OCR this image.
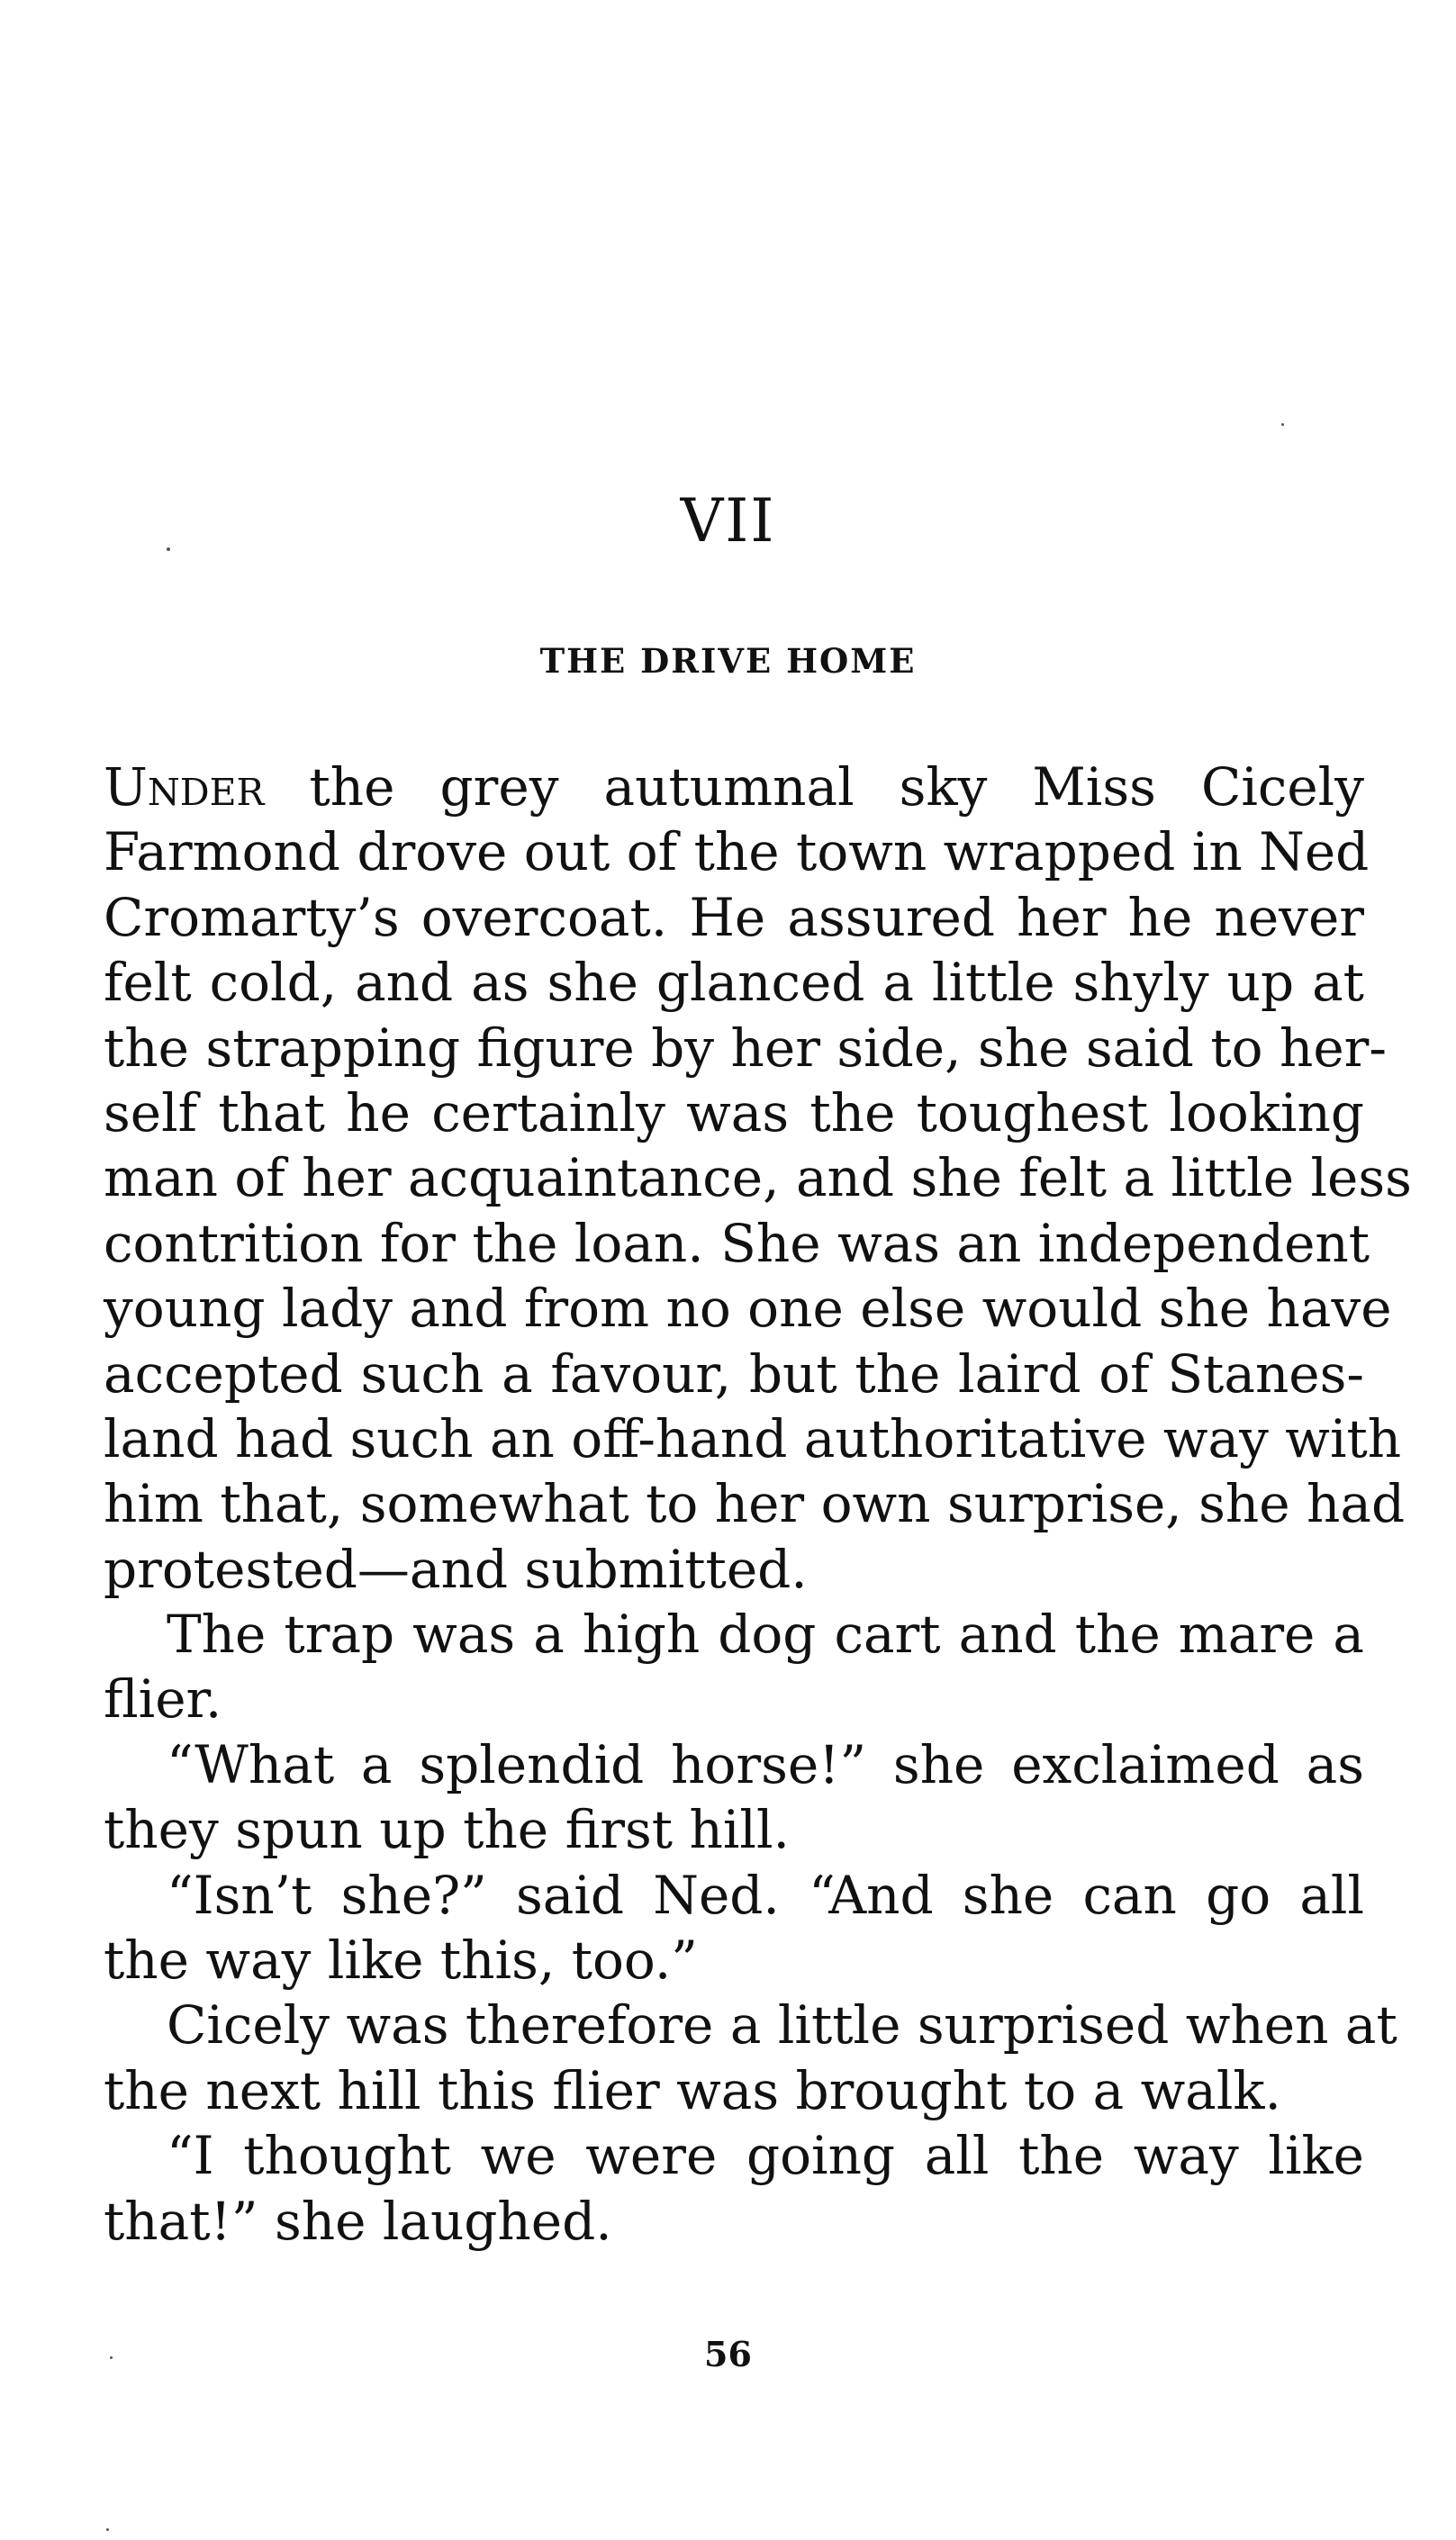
VII
THE DRIVE HOME
Under the grey autumnal sky Miss Cicely
Farmond drove out of the town wrapped in Ned
Cromarty’s overcoat. He assured her he never
felt cold, and as she glanced a little shyly up at
the strapping figure by her side, she said to her-
self that he certainly was the toughest looking
man of her acquaintance, and she felt a little less
contrition for the loan. She was an independent
young lady and from no one else would she have
accepted such a favour, but the laird of Stanes-
land had such an off-hand authoritative way with
him that, somewhat to her own surprise, she had
protested—and submitted.
The trap was a high dog cart and the mare a
flier.
“What a splendid horse!” she exclaimed as
they spun up the first hill.
“Isn’t she?” said Ned. “And she can go all
the way like this, too.”
Cicely was therefore a little surprised when at
the next hill this flier was brought to a walk.
“I thought we were going all the way like
that!” she laughed.
56
